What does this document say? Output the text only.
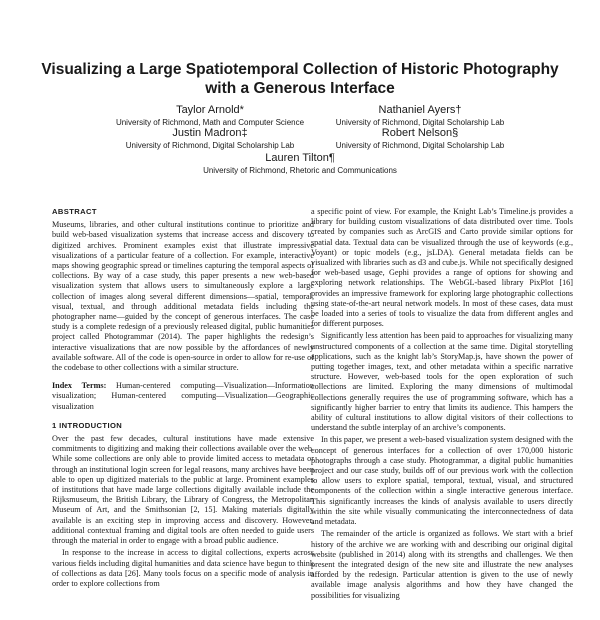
Visualizing a Large Spatiotemporal Collection of Historic Photography with a Generous Interface
Taylor Arnold*
University of Richmond, Math and Computer Science
Nathaniel Ayers†
University of Richmond, Digital Scholarship Lab
Justin Madron‡
University of Richmond, Digital Scholarship Lab
Robert Nelson§
University of Richmond, Digital Scholarship Lab
Lauren Tilton¶
University of Richmond, Rhetoric and Communications
ABSTRACT

Museums, libraries, and other cultural institutions continue to prioritize and build web-based visualization systems that increase access and discovery to digitized archives. Prominent examples exist that illustrate impressive visualizations of a particular feature of a collection. For example, interactive maps showing geographic spread or timelines capturing the temporal aspects of collections. By way of a case study, this paper presents a new web-based visualization system that allows users to simultaneously explore a large collection of images along several different dimensions—spatial, temporal, visual, textual, and through additional metadata fields including the photographer name—guided by the concept of generous interfaces. The case study is a complete redesign of a previously released digital, public humanities project called Photogrammar (2014). The paper highlights the redesign’s interactive visualizations that are now possible by the affordances of newly available software. All of the code is open-source in order to allow for re-use of the codebase to other collections with a similar structure.

Index Terms: Human-centered computing—Visualization—Information visualization; Human-centered computing—Visualization—Geographic visualization

1 INTRODUCTION

Over the past few decades, cultural institutions have made extensive commitments to digitizing and making their collections available over the web. While some collections are only able to provide limited access to metadata or through an institutional login screen for legal reasons, many archives have been able to open up digitized materials to the public at large. Prominent examples of institutions that have made large collections digitally available include the Rijksmuseum, the British Library, the Library of Congress, the Metropolitan Museum of Art, and the Smithsonian [2, 15]. Making materials digitally available is an exciting step in improving access and discovery. However, additional contextual framing and digital tools are often needed to guide users through the material in order to engage with a broad public audience.

In response to the increase in access to digital collections, experts across various fields including digital humanities and data science have begun to think of collections as data [26]. Many tools focus on a specific mode of analysis in order to explore collections from

a specific point of view. For example, the Knight Lab’s Timeline.js provides a library for building custom visualizations of data distributed over time. Tools created by companies such as ArcGIS and Carto provide similar options for spatial data. Textual data can be visualized through the use of keywords (e.g., Voyant) or topic models (e.g., jsLDA). General metadata fields can be visualized with libraries such as d3 and cube.js. While not specifically designed for web-based usage, Gephi provides a range of options for showing and exploring network relationships. The WebGL-based library PixPlot [16] provides an impressive framework for exploring large photographic collections using state-of-the-art neural network models. In most of these cases, data must be loaded into a series of tools to visualize the data from different angles and for different purposes.

Significantly less attention has been paid to approaches for visualizing many unstructured components of a collection at the same time. Digital storytelling applications, such as the knight lab’s StoryMap.js, have shown the power of putting together images, text, and other metadata within a specific narrative structure. However, web-based tools for the open exploration of such collections are limited. Exploring the many dimensions of multimodal collections generally requires the use of programming software, which has a significantly higher barrier to entry that limits its audience. This hampers the ability of cultural institutions to allow digital visitors of their collections to understand the subtle interplay of an archive’s components.

In this paper, we present a web-based visualization system designed with the concept of generous interfaces for a collection of over 170,000 historic photographs through a case study. Photogrammar, a digital public humanities project and our case study, builds off of our previous work with the collection to allow users to explore spatial, temporal, textual, visual, and structured components of the collection within a single interactive generous interface. This significantly increases the kinds of analysis available to users directly within the site while visually communicating the interconnectedness of data and metadata.

The remainder of the article is organized as follows. We start with a brief history of the archive we are working with and describing our original digital website (published in 2014) along with its strengths and challenges. We then present the integrated design of the new site and illustrate the new analyses afforded by the redesign. Particular attention is given to the use of newly available image analysis algorithms and how they have changed the possibilities for visualizing
